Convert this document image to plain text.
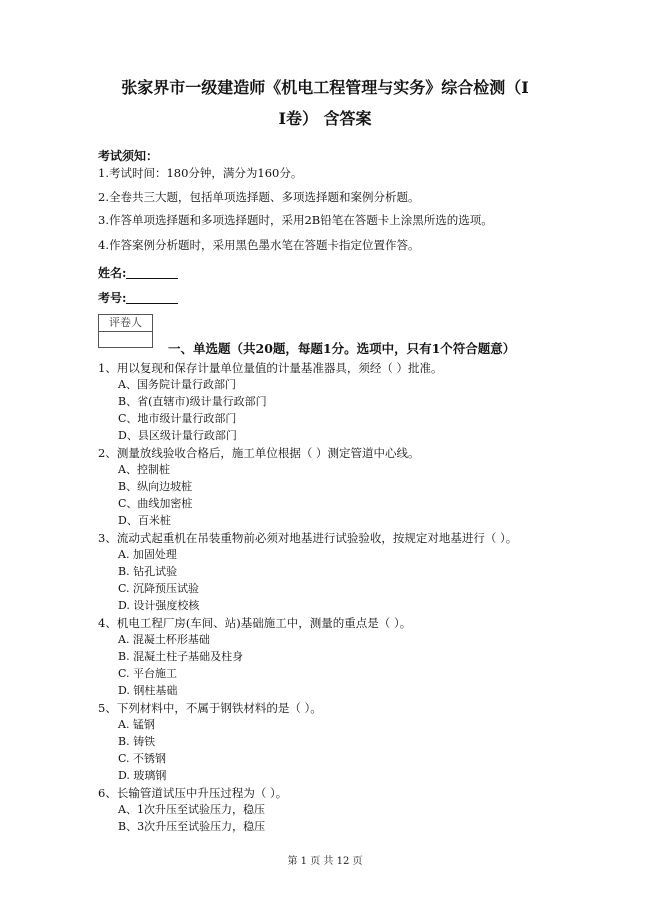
张家界市一级建造师《机电工程管理与实务》综合检测（I
I卷） 含答案
考试须知：
1.考试时间：180分钟，满分为160分。
2.全卷共三大题，包括单项选择题、多项选择题和案例分析题。
3.作答单项选择题和多项选择题时，采用2B铅笔在答题卡上涂黑所选的选项。
4.作答案例分析题时，采用黑色墨水笔在答题卡指定位置作答。
姓名:
考号:
评卷人
一、单选题（共20题，每题1分。选项中，只有1个符合题意）
1、用以复现和保存计量单位量值的计量基准器具，须经（ ）批准。
A、国务院计量行政部门
B、省(直辖市)级计量行政部门
C、地市级计量行政部门
D、县区级计量行政部门
2、测量放线验收合格后，施工单位根据（ ）测定管道中心线。
A、控制桩
B、纵向边坡桩
C、曲线加密桩
D、百米桩
3、流动式起重机在吊装重物前必须对地基进行试验验收，按规定对地基进行（ ）。
A. 加固处理
B. 钻孔试验
C. 沉降预压试验
D. 设计强度校核
4、机电工程厂房(车间、站)基础施工中，测量的重点是（ ）。
A. 混凝土杯形基础
B. 混凝土柱子基础及柱身
C. 平台施工
D. 钢柱基础
5、下列材料中，不属于钢铁材料的是（ ）。
A. 锰钢
B. 铸铁
C. 不锈钢
D. 玻璃钢
6、长输管道试压中升压过程为（ ）。
A、1次升压至试验压力，稳压
B、3次升压至试验压力，稳压
第 1 页 共 12 页
